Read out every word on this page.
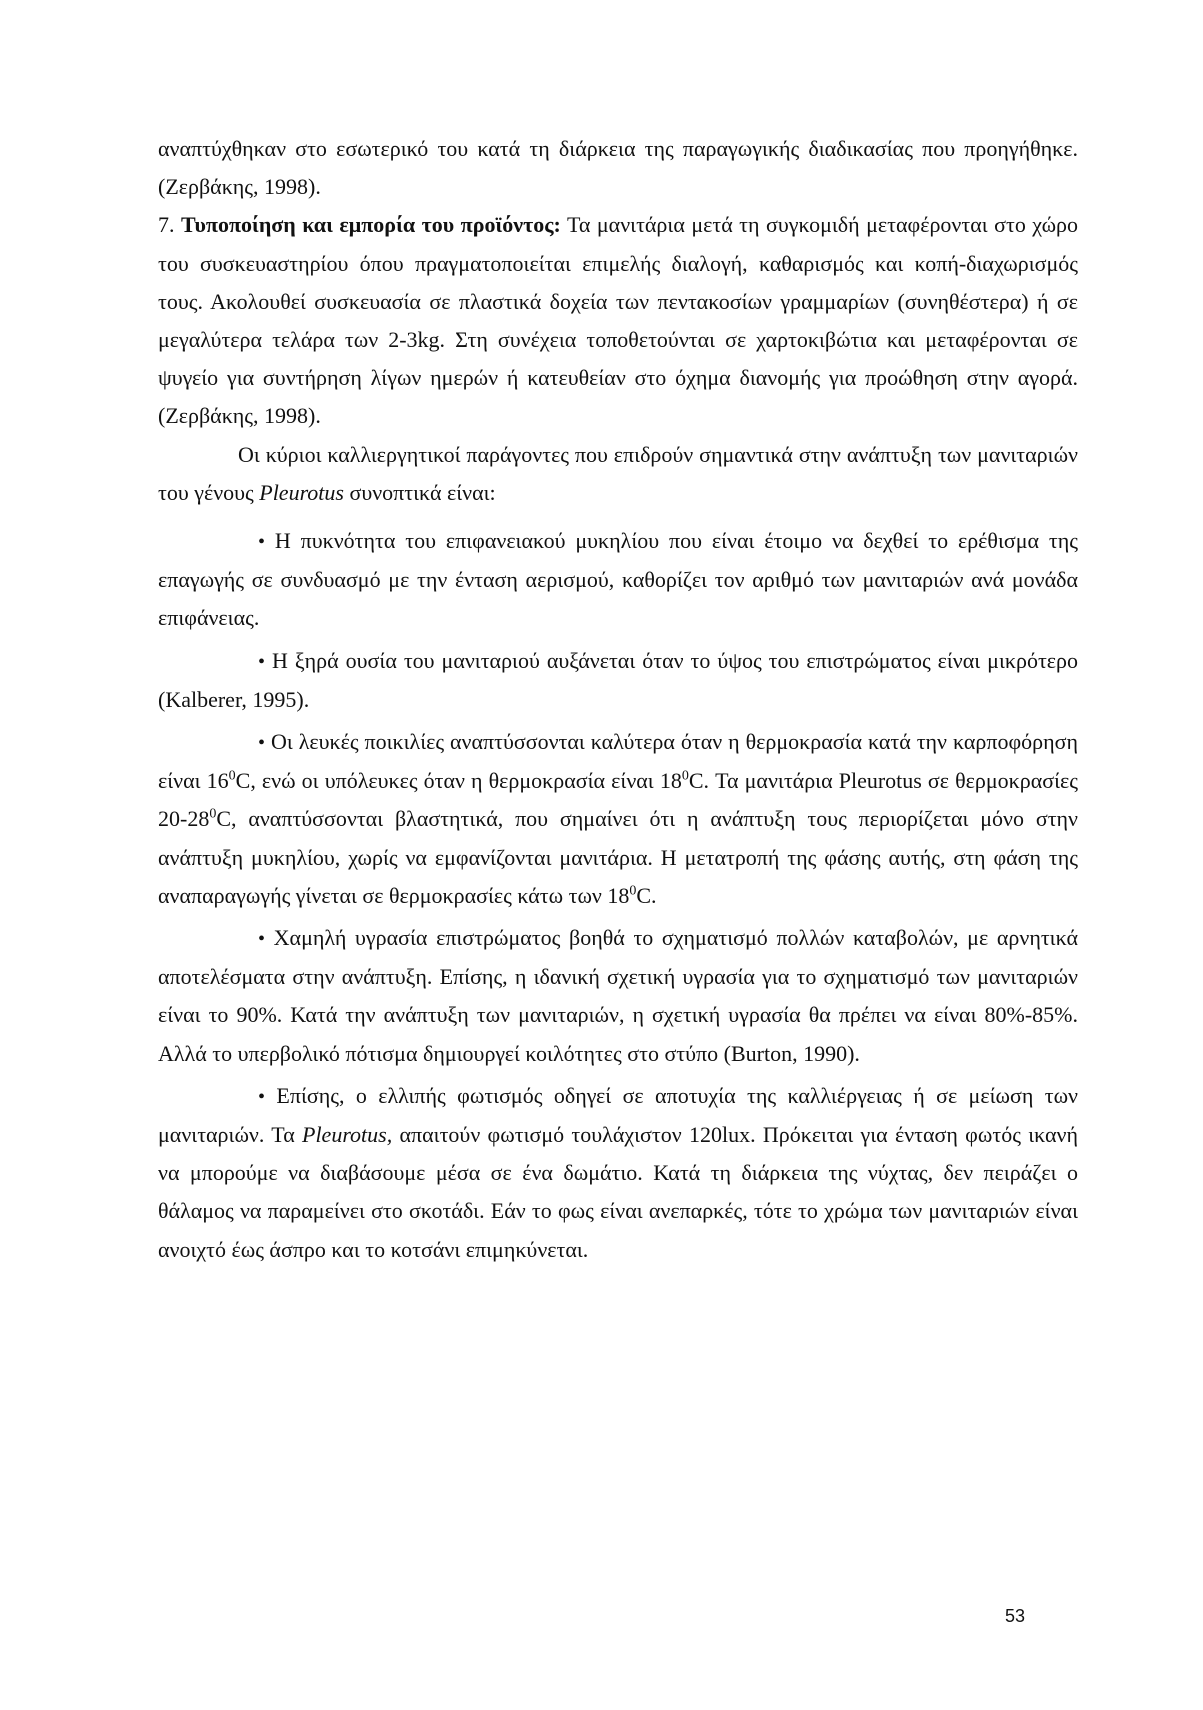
αναπτύχθηκαν στο εσωτερικό του κατά τη διάρκεια της παραγωγικής διαδικασίας που προηγήθηκε. (Ζερβάκης, 1998).

7. Τυποποίηση και εμπορία του προϊόντος: Τα μανιτάρια μετά τη συγκομιδή μεταφέρονται στο χώρο του συσκευαστηρίου όπου πραγματοποιείται επιμελής διαλογή, καθαρισμός και κοπή-διαχωρισμός τους. Ακολουθεί συσκευασία σε πλαστικά δοχεία των πεντακοσίων γραμμαρίων (συνηθέστερα) ή σε μεγαλύτερα τελάρα των 2-3kg. Στη συνέχεια τοποθετούνται σε χαρτοκιβώτια και μεταφέρονται σε ψυγείο για συντήρηση λίγων ημερών ή κατευθείαν στο όχημα διανομής για προώθηση στην αγορά. (Ζερβάκης, 1998).

Οι κύριοι καλλιεργητικοί παράγοντες που επιδρούν σημαντικά στην ανάπτυξη των μανιταριών του γένους Pleurotus συνοπτικά είναι:

• Η πυκνότητα του επιφανειακού μυκηλίου που είναι έτοιμο να δεχθεί το ερέθισμα της επαγωγής σε συνδυασμό με την ένταση αερισμού, καθορίζει τον αριθμό των μανιταριών ανά μονάδα επιφάνειας.

• Η ξηρά ουσία του μανιταριού αυξάνεται όταν το ύψος του επιστρώματος είναι μικρότερο (Kalberer, 1995).

• Οι λευκές ποικιλίες αναπτύσσονται καλύτερα όταν η θερμοκρασία κατά την καρποφόρηση είναι $16^0C$, ενώ οι υπόλευκες όταν η θερμοκρασία είναι $18^0C$. Τα μανιτάρια Pleurotus σε θερμοκρασίες $20-28^0C$, αναπτύσσονται βλαστητικά, που σημαίνει ότι η ανάπτυξη τους περιορίζεται μόνο στην ανάπτυξη μυκηλίου, χωρίς να εμφανίζονται μανιτάρια. Η μετατροπή της φάσης αυτής, στη φάση της αναπαραγωγής γίνεται σε θερμοκρασίες κάτω των $18^0C$.

• Χαμηλή υγρασία επιστρώματος βοηθά το σχηματισμό πολλών καταβολών, με αρνητικά αποτελέσματα στην ανάπτυξη. Επίσης, η ιδανική σχετική υγρασία για το σχηματισμό των μανιταριών είναι το 90%. Κατά την ανάπτυξη των μανιταριών, η σχετική υγρασία θα πρέπει να είναι 80%-85%. Αλλά το υπερβολικό πότισμα δημιουργεί κοιλότητες στο στύπο (Burton, 1990).

• Επίσης, ο ελλιπής φωτισμός οδηγεί σε αποτυχία της καλλιέργειας ή σε μείωση των μανιταριών. Τα Pleurotus, απαιτούν φωτισμό τουλάχιστον 120lux. Πρόκειται για ένταση φωτός ικανή να μπορούμε να διαβάσουμε μέσα σε ένα δωμάτιο. Κατά τη διάρκεια της νύχτας, δεν πειράζει ο θάλαμος να παραμείνει στο σκοτάδι. Εάν το φως είναι ανεπαρκές, τότε το χρώμα των μανιταριών είναι ανοιχτό έως άσπρο και το κοτσάνι επιμηκύνεται.

53
